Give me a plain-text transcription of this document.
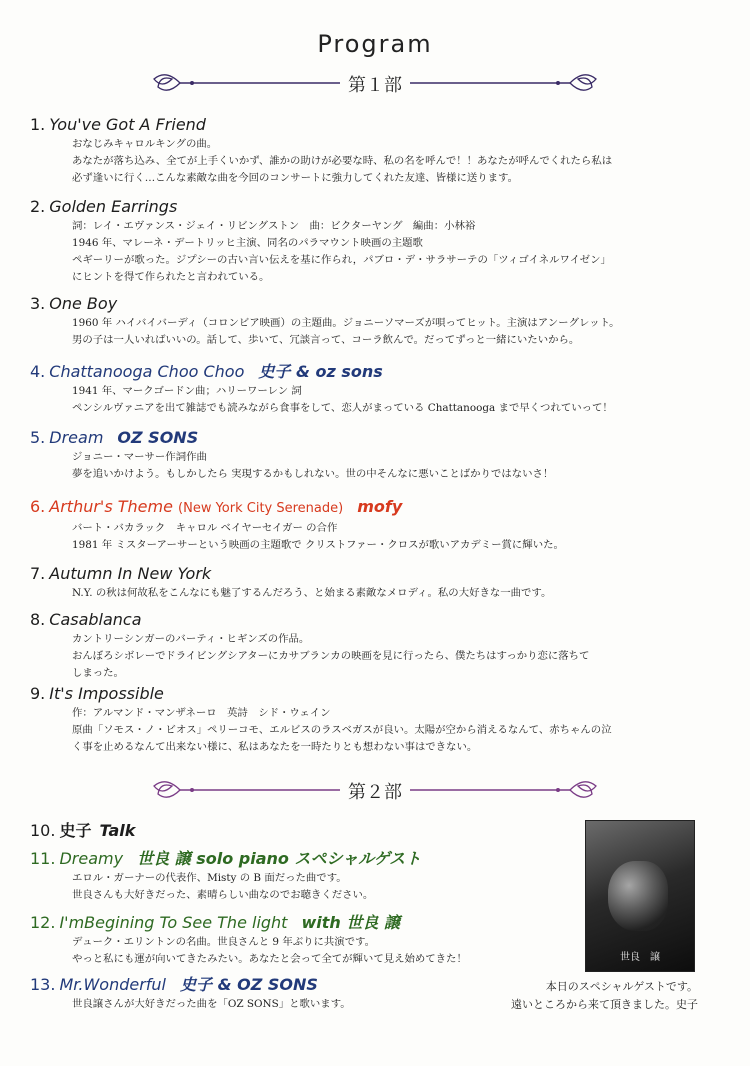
Program
第１部
第２部
1. You've Got A Friend
おなじみキャロルキングの曲。
あなたが落ち込み、全てが上手くいかず、誰かの助けが必要な時、私の名を呼んで！！あなたが呼んでくれたら私は
必ず逢いに行く…こんな素敵な曲を今回のコンサートに強力してくれた友達、皆様に送ります。
2. Golden Earrings
詞：レイ・エヴァンス・ジェイ・リビングストン　曲：ビクターヤング　編曲：小林裕
1946 年、マレーネ・デートリッヒ主演、同名のパラマウント映画の主題歌
ペギーリーが歌った。ジプシーの古い言い伝えを基に作られ，パブロ・デ・サラサーテの「ツィゴイネルワイゼン」
にヒントを得て作られたと言われている。
3. One Boy
1960 年 ハイバイバーディ（コロンビア映画）の主題曲。ジョニーソマーズが唄ってヒット。主演はアンーグレット。
男の子は一人いればいいの。話して、歩いて、冗談言って、コーラ飲んで。だってずっと一緒にいたいから。
4. Chattanooga Choo Choo 史子 & oz sons
1941 年、マークゴードン曲；ハリーワーレン 詞
ペンシルヴァニアを出て雑誌でも読みながら食事をして、恋人がまっている Chattanooga まで早くつれていって！
5. Dream OZ SONS
ジョニー・マーサー作詞作曲
夢を追いかけよう。もしかしたら 実現するかもしれない。世の中そんなに悪いことばかりではないさ！
6. Arthur's Theme (New York City Serenade) mofy
バート・バカラック　キャロル ベイヤーセイガー の合作
1981 年 ミスターアーサーという映画の主題歌で クリストファー・クロスが歌いアカデミー賞に輝いた。
7. Autumn In New York
N.Y. の秋は何故私をこんなにも魅了するんだろう、と始まる素敵なメロディ。私の大好きな一曲です。
8. Casablanca
カントリーシンガーのバーティ・ヒギンズの作品。
おんぼろシボレーでドライビングシアターにカサブランカの映画を見に行ったら、僕たちはすっかり恋に落ちて
しまった。
9. It's Impossible
作：アルマンド・マンザネーロ　英詩　シド・ウェイン
原曲「ソモス・ノ・ビオス」ペリーコモ、エルビスのラスベガスが良い。太陽が空から消えるなんて、赤ちゃんの泣
く事を止めるなんて出来ない様に、私はあなたを一時たりとも想わない事はできない。
10. 史子 Talk
11. Dreamy 世良 譲 solo piano スペシャルゲスト
エロル・ガーナーの代表作、Misty の B 面だった曲です。
世良さんも大好きだった、素晴らしい曲なのでお聴きください。
12. I'mBegining To See The light with 世良 譲
デューク・エリントンの名曲。世良さんと 9 年ぶりに共演です。
やっと私にも運が向いてきたみたい。あなたと会って全てが輝いて見え始めてきた！
13. Mr.Wonderful 史子 & OZ SONS
世良譲さんが大好きだった曲を「OZ SONS」と歌います。
世良　譲
本日のスペシャルゲストです。
遠いところから来て頂きました。史子
